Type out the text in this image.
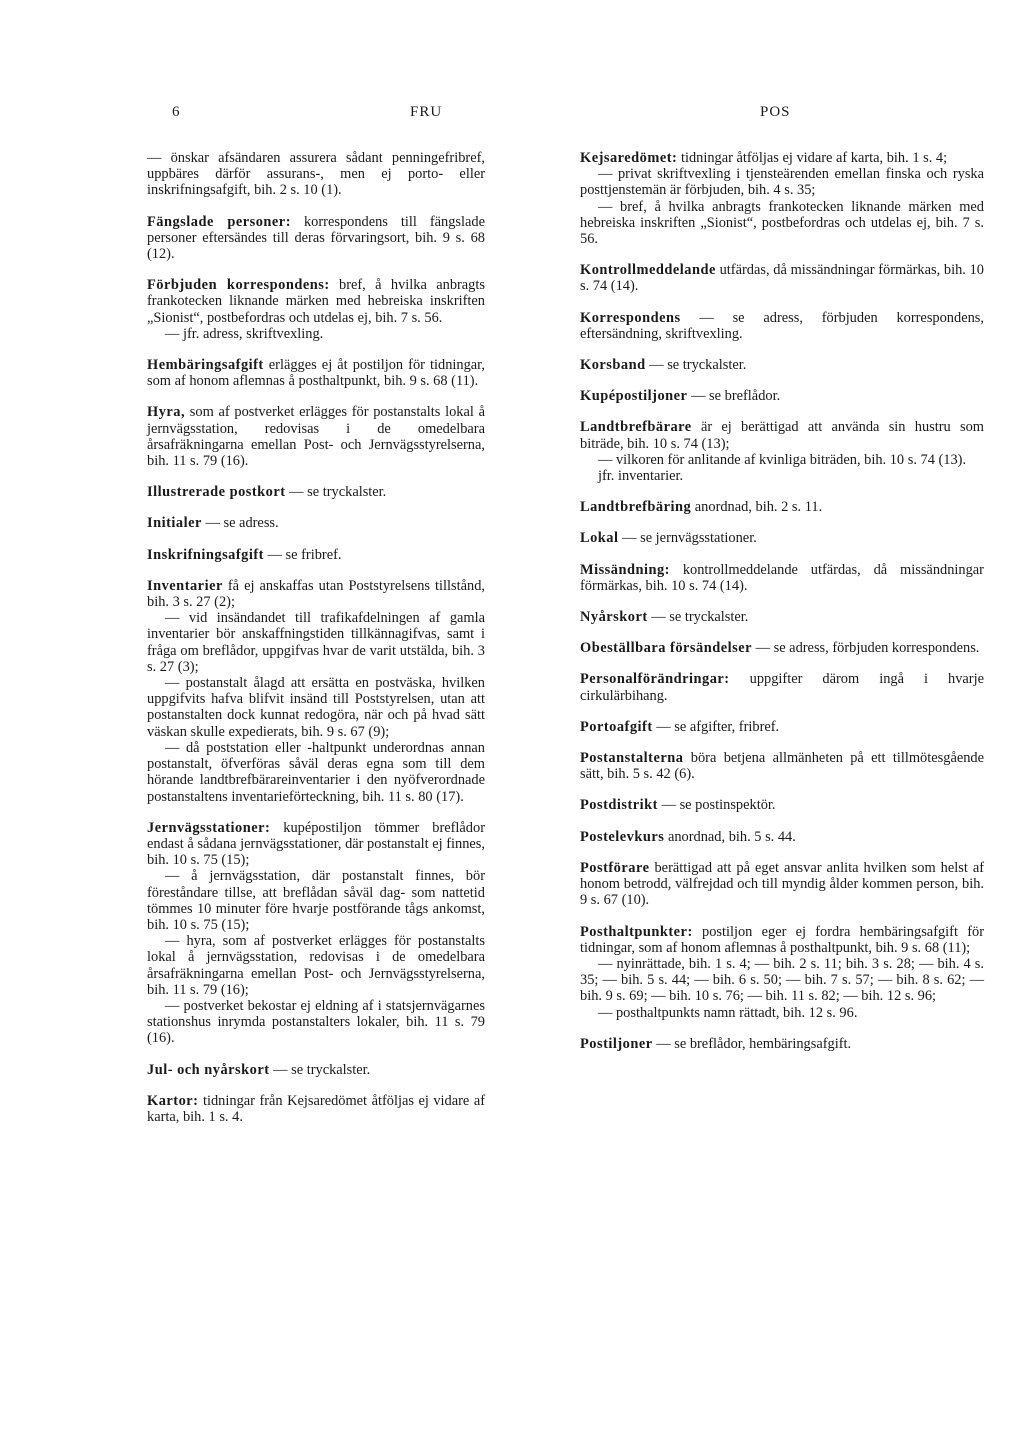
6	FRU	POS

— önskar afsändaren assurera sådant penningefribref, uppbäres därför assurans-, men ej porto- eller inskrifningsafgift, bih. 2 s. 10 (1).

Fängslade personer: korrespondens till fängslade personer eftersändes till deras förvaringsort, bih. 9 s. 68 (12).

Förbjuden korrespondens: bref, å hvilka anbragts frankotecken liknande märken med hebreiska inskriften „Sionist“, postbefordras och utdelas ej, bih. 7 s. 56.
— jfr. adress, skriftvexling.

Hembäringsafgift erlägges ej åt postiljon för tidningar, som af honom aflemnas å posthaltpunkt, bih. 9 s. 68 (11).

Hyra, som af postverket erlägges för postanstalts lokal å jernvägsstation, redovisas i de omedelbara årsafräkningarna emellan Post- och Jernvägsstyrelserna, bih. 11 s. 79 (16).

Illustrerade postkort — se tryckalster.

Initialer — se adress.

Inskrifningsafgift — se fribref.

Inventarier få ej anskaffas utan Poststyrelsens tillstånd, bih. 3 s. 27 (2);
— vid insändandet till trafikafdelningen af gamla inventarier bör anskaffningstiden tillkännagifvas, samt i fråga om breflådor, uppgifvas hvar de varit utstälda, bih. 3 s. 27 (3);
— postanstalt ålagd att ersätta en postväska, hvilken uppgifvits hafva blifvit insänd till Poststyrelsen, utan att postanstalten dock kunnat redogöra, när och på hvad sätt väskan skulle expedierats, bih. 9 s. 67 (9);
— då poststation eller -haltpunkt underordnas annan postanstalt, öfverföras såväl deras egna som till dem hörande landtbrefbärareinventarier i den nyöfverordnade postanstaltens inventarieförteckning, bih. 11 s. 80 (17).

Jernvägsstationer: kupépostiljon tömmer breflådor endast å sådana jernvägsstationer, där postanstalt ej finnes, bih. 10 s. 75 (15);
— å jernvägsstation, där postanstalt finnes, bör föreståndare tillse, att breflådan såväl dag- som nattetid tömmes 10 minuter före hvarje postförande tågs ankomst, bih. 10 s. 75 (15);
— hyra, som af postverket erlägges för postanstalts lokal å jernvägsstation, redovisas i de omedelbara årsafräkningarna emellan Post- och Jernvägsstyrelserna, bih. 11 s. 79 (16);
— postverket bekostar ej eldning af i statsjernvägarnes stationshus inrymda postanstalters lokaler, bih. 11 s. 79 (16).

Jul- och nyårskort — se tryckalster.

Kartor: tidningar från Kejsaredömet åtföljas ej vidare af karta, bih. 1 s. 4.

Kejsaredömet: tidningar åtföljas ej vidare af karta, bih. 1 s. 4;
— privat skriftvexling i tjensteärenden emellan finska och ryska posttjenstemän är förbjuden, bih. 4 s. 35;
— bref, å hvilka anbragts frankotecken liknande märken med hebreiska inskriften „Sionist“, postbefordras och utdelas ej, bih. 7 s. 56.

Kontrollmeddelande utfärdas, då missändningar förmärkas, bih. 10 s. 74 (14).

Korrespondens — se adress, förbjuden korrespondens, eftersändning, skriftvexling.

Korsband — se tryckalster.

Kupépostiljoner — se breflådor.

Landtbrefbärare är ej berättigad att använda sin hustru som biträde, bih. 10 s. 74 (13);
— vilkoren för anlitande af kvinliga biträden, bih. 10 s. 74 (13).
jfr. inventarier.

Landtbrefbäring anordnad, bih. 2 s. 11.

Lokal — se jernvägsstationer.

Missändning: kontrollmeddelande utfärdas, då missändningar förmärkas, bih. 10 s. 74 (14).

Nyårskort — se tryckalster.

Obeställbara försändelser — se adress, förbjuden korrespondens.

Personalförändringar: uppgifter därom ingå i hvarje cirkulärbihang.

Portoafgift — se afgifter, fribref.

Postanstalterna böra betjena allmänheten på ett tillmötesgående sätt, bih. 5 s. 42 (6).

Postdistrikt — se postinspektör.

Postelevkurs anordnad, bih. 5 s. 44.

Postförare berättigad att på eget ansvar anlita hvilken som helst af honom betrodd, välfrejdad och till myndig ålder kommen person, bih. 9 s. 67 (10).

Posthaltpunkter: postiljon eger ej fordra hembäringsafgift för tidningar, som af honom aflemnas å posthaltpunkt, bih. 9 s. 68 (11);
— nyinrättade, bih. 1 s. 4; — bih. 2 s. 11; bih. 3 s. 28; — bih. 4 s. 35; — bih. 5 s. 44; — bih. 6 s. 50; — bih. 7 s. 57; — bih. 8 s. 62; — bih. 9 s. 69; — bih. 10 s. 76; — bih. 11 s. 82; — bih. 12 s. 96;
— posthaltpunkts namn rättadt, bih. 12 s. 96.

Postiljoner — se breflådor, hembäringsafgift.
